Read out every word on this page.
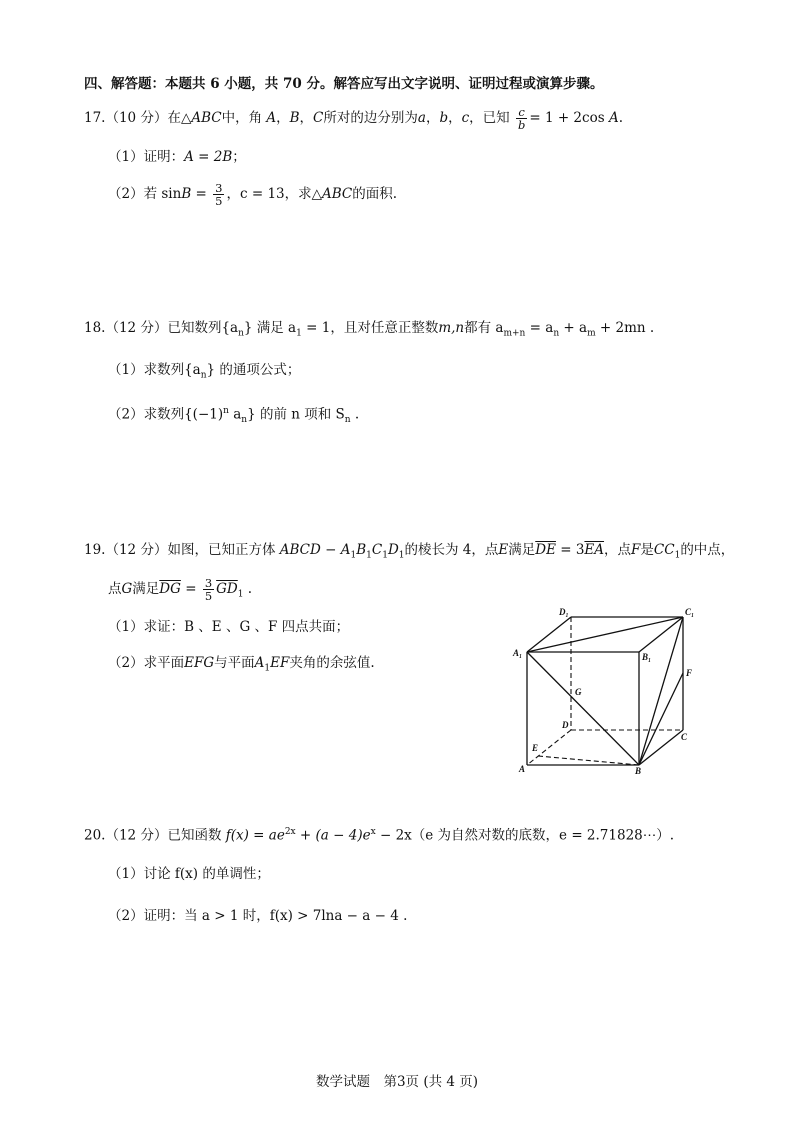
四、解答题：本题共 6 小题，共 70 分。解答应写出文字说明、证明过程或演算步骤。
17.（10 分）在△ABC中，角 A，B，C所对的边分别为a，b，c，已知 $\frac{c}{b} = 1 + 2\cos$ A.
（1）证明：A = 2B；
（2）若 $\sin B = \frac{3}{5}$ ，c = 13，求△ABC的面积.
18.（12 分）已知数列$\{a_n\}$ 满足 $a_1 = 1$，且对任意正整数m,n都有 $a_{m+n} = a_n + a_m + 2mn$ .
（1）求数列$\{a_n\}$ 的通项公式；
（2）求数列{$(-1)^n$ $a_n$} 的前 n 项和 $S_n$ .
19.（12 分）如图，已知正方体 ABCD − $A_1B_1C_1D_1$的棱长为 4，点E满足$\overline{DE} = 3\overline{EA}$，点F是$CC_1$的中点，
点G满足$\overline{DG} = \frac{3}{5} \overline{GD}_1$ .
（1）求证：B 、E 、G 、F 四点共面；
（2）求平面EFG与平面$A_1EF$夹角的余弦值.
D₁	C₁
A₁	B₁
F
G
D
C
E
A	B
20.（12 分）已知函数 $f(x) = ae^{2x} + (a - 4)e^x - 2x(e$ 为自然对数的底数，e = 2.71828⋯）.
（1）讨论 f(x) 的单调性；
（2）证明：当 a > 1 时，f(x) > 7lna − a − 4 .
数学试题　第3页 (共 4 页)
